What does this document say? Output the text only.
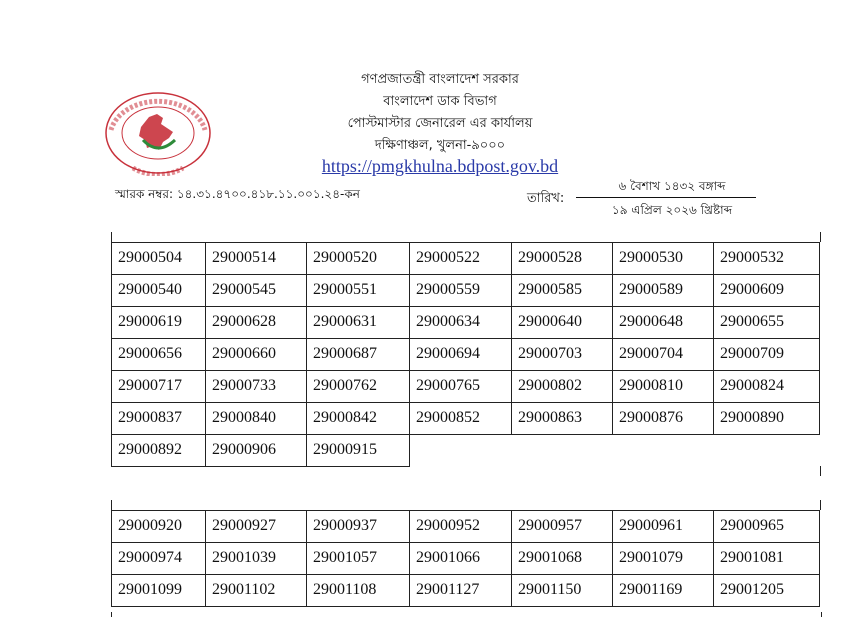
গণপ্রজাতন্ত্রী বাংলাদেশ সরকার
বাংলাদেশ ডাক বিভাগ
পোস্টমাস্টার জেনারেল এর কার্যালয়
দক্ষিণাঞ্চল, খুলনা-৯০০০
https://pmgkhulna.bdpost.gov.bd
স্মারক নম্বর: ১৪.৩১.৪৭০০.৪১৮.১১.০০১.২৪-কন	তারিখ:
৬ বৈশাখ ১৪৩২ বঙ্গাব্দ
১৯ এপ্রিল ২০২৬ খ্রিষ্টাব্দ
29000504	29000514	29000520	29000522	29000528	29000530	29000532
29000540	29000545	29000551	29000559	29000585	29000589	29000609
29000619	29000628	29000631	29000634	29000640	29000648	29000655
29000656	29000660	29000687	29000694	29000703	29000704	29000709
29000717	29000733	29000762	29000765	29000802	29000810	29000824
29000837	29000840	29000842	29000852	29000863	29000876	29000890
29000892	29000906	29000915				
29000920	29000927	29000937	29000952	29000957	29000961	29000965
29000974	29001039	29001057	29001066	29001068	29001079	29001081
29001099	29001102	29001108	29001127	29001150	29001169	29001205
